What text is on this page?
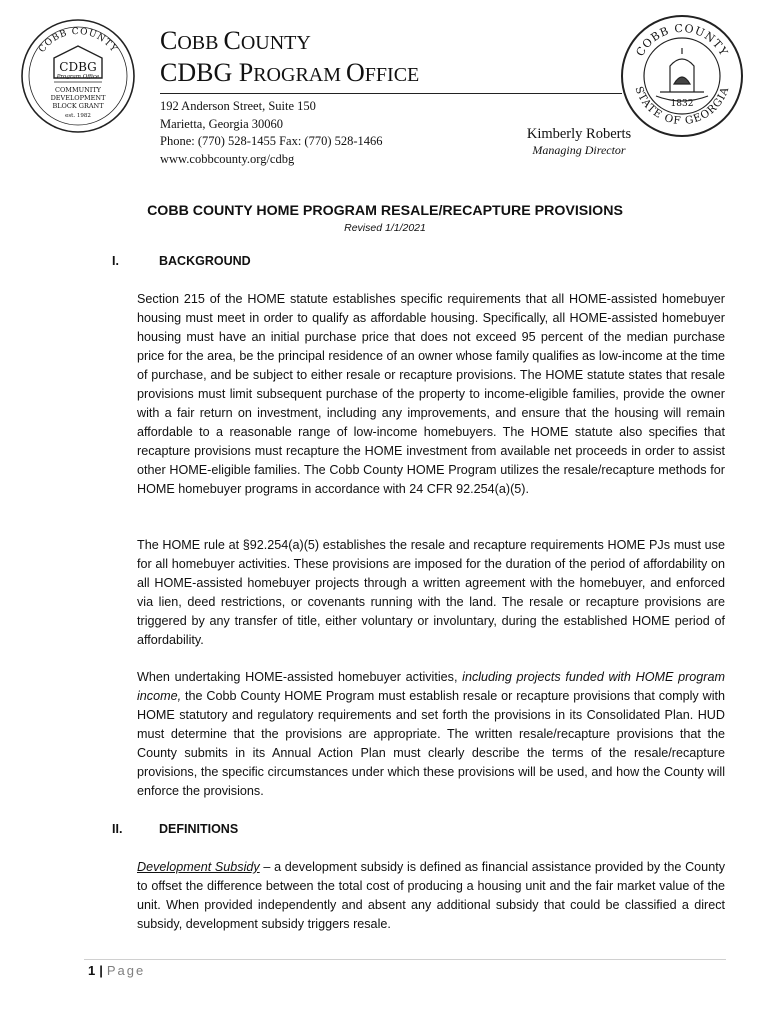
COBB COUNTY
CDBG
Program Office
COMMUNITY
DEVELOPMENT
BLOCK GRANT
est. 1982
COBB COUNTY
CDBG PROGRAM OFFICE
192 Anderson Street, Suite 150
Marietta, Georgia 30060
Phone: (770) 528-1455 Fax: (770) 528-1466
www.cobbcounty.org/cdbg
Kimberly Roberts
Managing Director
COBB COUNTY
STATE OF GEORGIA
1832
COBB COUNTY HOME PROGRAM RESALE/RECAPTURE PROVISIONS
Revised 1/1/2021
I.	BACKGROUND

Section 215 of the HOME statute establishes specific requirements that all HOME-assisted homebuyer housing must meet in order to qualify as affordable housing. Specifically, all HOME-assisted homebuyer housing must have an initial purchase price that does not exceed 95 percent of the median purchase price for the area, be the principal residence of an owner whose family qualifies as low-income at the time of purchase, and be subject to either resale or recapture provisions. The HOME statute states that resale provisions must limit subsequent purchase of the property to income-eligible families, provide the owner with a fair return on investment, including any improvements, and ensure that the housing will remain affordable to a reasonable range of low-income homebuyers. The HOME statute also specifies that recapture provisions must recapture the HOME investment from available net proceeds in order to assist other HOME-eligible families. The Cobb County HOME Program utilizes the resale/recapture methods for HOME homebuyer programs in accordance with 24 CFR 92.254(a)(5).

The HOME rule at §92.254(a)(5) establishes the resale and recapture requirements HOME PJs must use for all homebuyer activities. These provisions are imposed for the duration of the period of affordability on all HOME-assisted homebuyer projects through a written agreement with the homebuyer, and enforced via lien, deed restrictions, or covenants running with the land. The resale or recapture provisions are triggered by any transfer of title, either voluntary or involuntary, during the established HOME period of affordability.

When undertaking HOME-assisted homebuyer activities, including projects funded with HOME program income, the Cobb County HOME Program must establish resale or recapture provisions that comply with HOME statutory and regulatory requirements and set forth the provisions in its Consolidated Plan. HUD must determine that the provisions are appropriate. The written resale/recapture provisions that the County submits in its Annual Action Plan must clearly describe the terms of the resale/recapture provisions, the specific circumstances under which these provisions will be used, and how the County will enforce the provisions.

II.	DEFINITIONS

Development Subsidy – a development subsidy is defined as financial assistance provided by the County to offset the difference between the total cost of producing a housing unit and the fair market value of the unit. When provided independently and absent any additional subsidy that could be classified a direct subsidy, development subsidy triggers resale.

1 | Page
